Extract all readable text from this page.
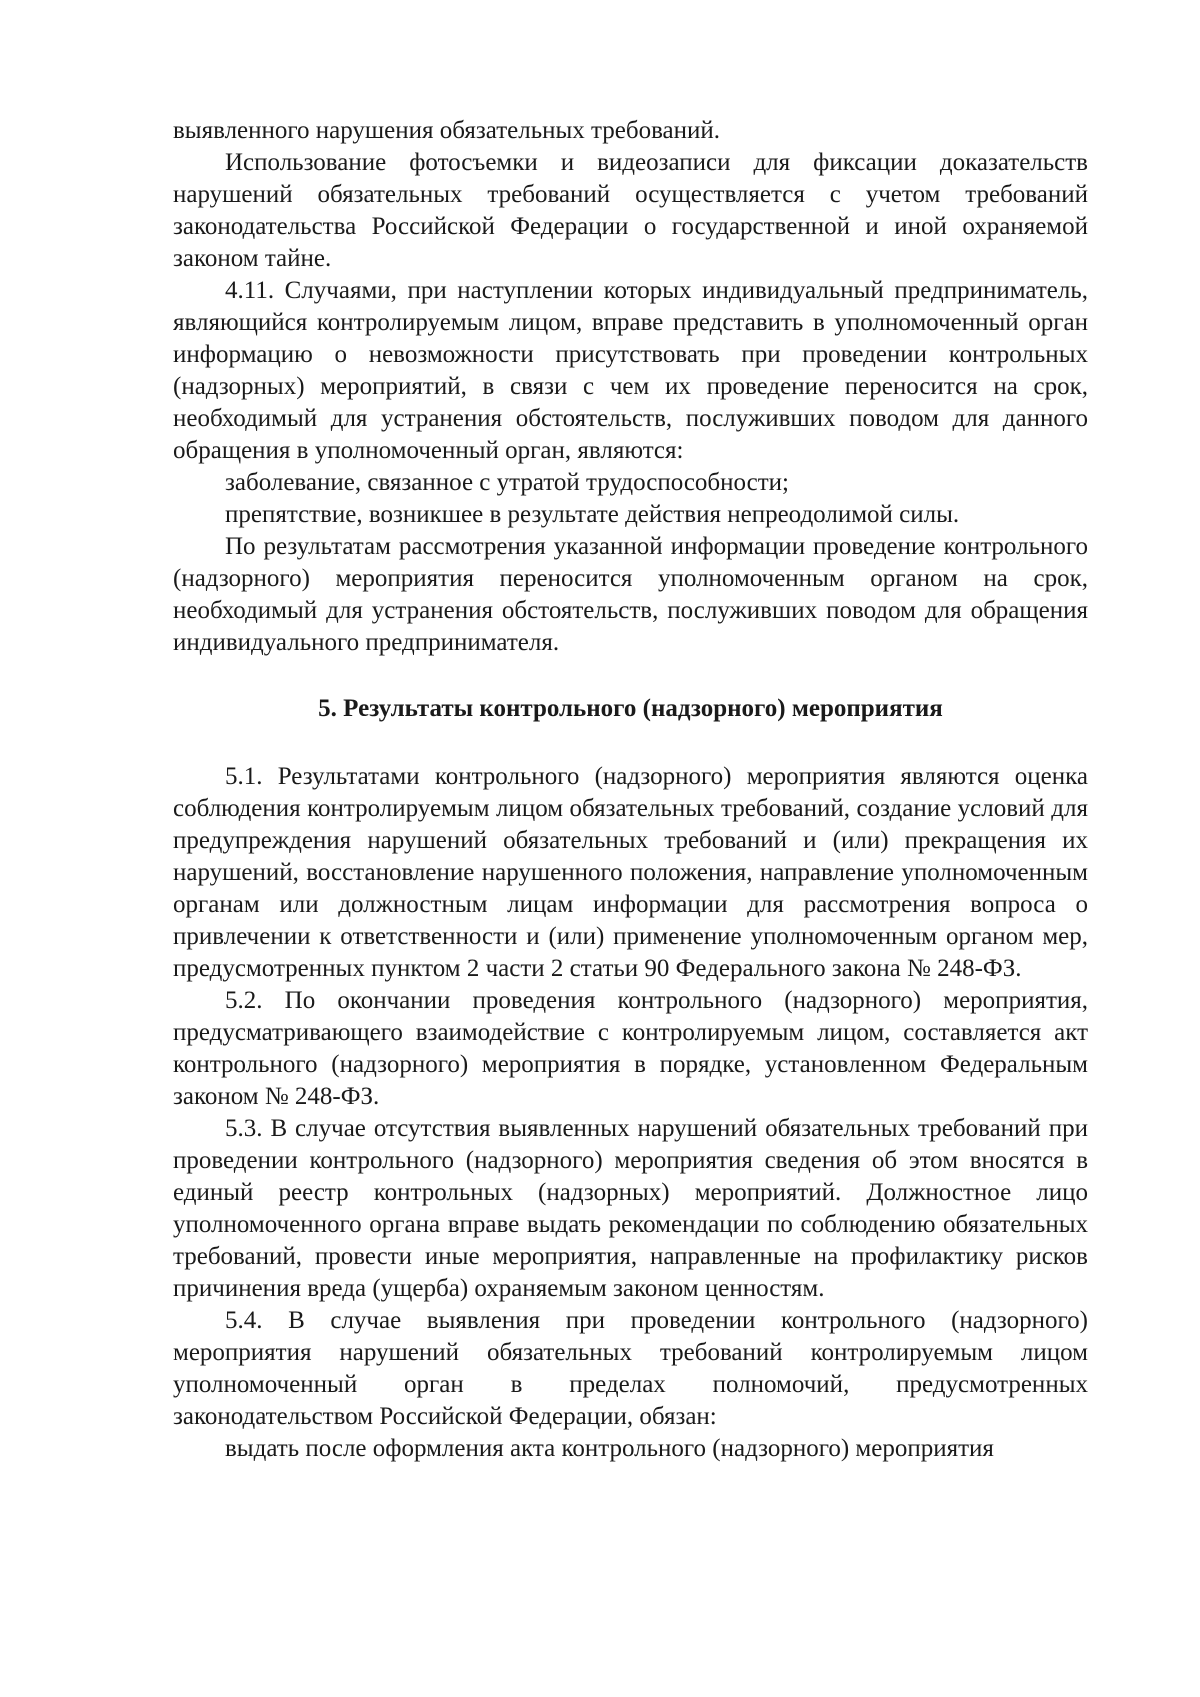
выявленного нарушения обязательных требований.

Использование фотосъемки и видеозаписи для фиксации доказательств нарушений обязательных требований осуществляется с учетом требований законодательства Российской Федерации о государственной и иной охраняемой законом тайне.

4.11. Случаями, при наступлении которых индивидуальный предприниматель, являющийся контролируемым лицом, вправе представить в уполномоченный орган информацию о невозможности присутствовать при проведении контрольных (надзорных) мероприятий, в связи с чем их проведение переносится на срок, необходимый для устранения обстоятельств, послуживших поводом для данного обращения в уполномоченный орган, являются:

заболевание, связанное с утратой трудоспособности;

препятствие, возникшее в результате действия непреодолимой силы.

По результатам рассмотрения указанной информации проведение контрольного (надзорного) мероприятия переносится уполномоченным органом на срок, необходимый для устранения обстоятельств, послуживших поводом для обращения индивидуального предпринимателя.

5. Результаты контрольного (надзорного) мероприятия

5.1. Результатами контрольного (надзорного) мероприятия являются оценка соблюдения контролируемым лицом обязательных требований, создание условий для предупреждения нарушений обязательных требований и (или) прекращения их нарушений, восстановление нарушенного положения, направление уполномоченным органам или должностным лицам информации для рассмотрения вопроса о привлечении к ответственности и (или) применение уполномоченным органом мер, предусмотренных пунктом 2 части 2 статьи 90 Федерального закона № 248-ФЗ.

5.2. По окончании проведения контрольного (надзорного) мероприятия, предусматривающего взаимодействие с контролируемым лицом, составляется акт контрольного (надзорного) мероприятия в порядке, установленном Федеральным законом № 248-ФЗ.

5.3. В случае отсутствия выявленных нарушений обязательных требований при проведении контрольного (надзорного) мероприятия сведения об этом вносятся в единый реестр контрольных (надзорных) мероприятий. Должностное лицо уполномоченного органа вправе выдать рекомендации по соблюдению обязательных требований, провести иные мероприятия, направленные на профилактику рисков причинения вреда (ущерба) охраняемым законом ценностям.

5.4. В случае выявления при проведении контрольного (надзорного) мероприятия нарушений обязательных требований контролируемым лицом уполномоченный орган в пределах полномочий, предусмотренных законодательством Российской Федерации, обязан:

выдать после оформления акта контрольного (надзорного) мероприятия
